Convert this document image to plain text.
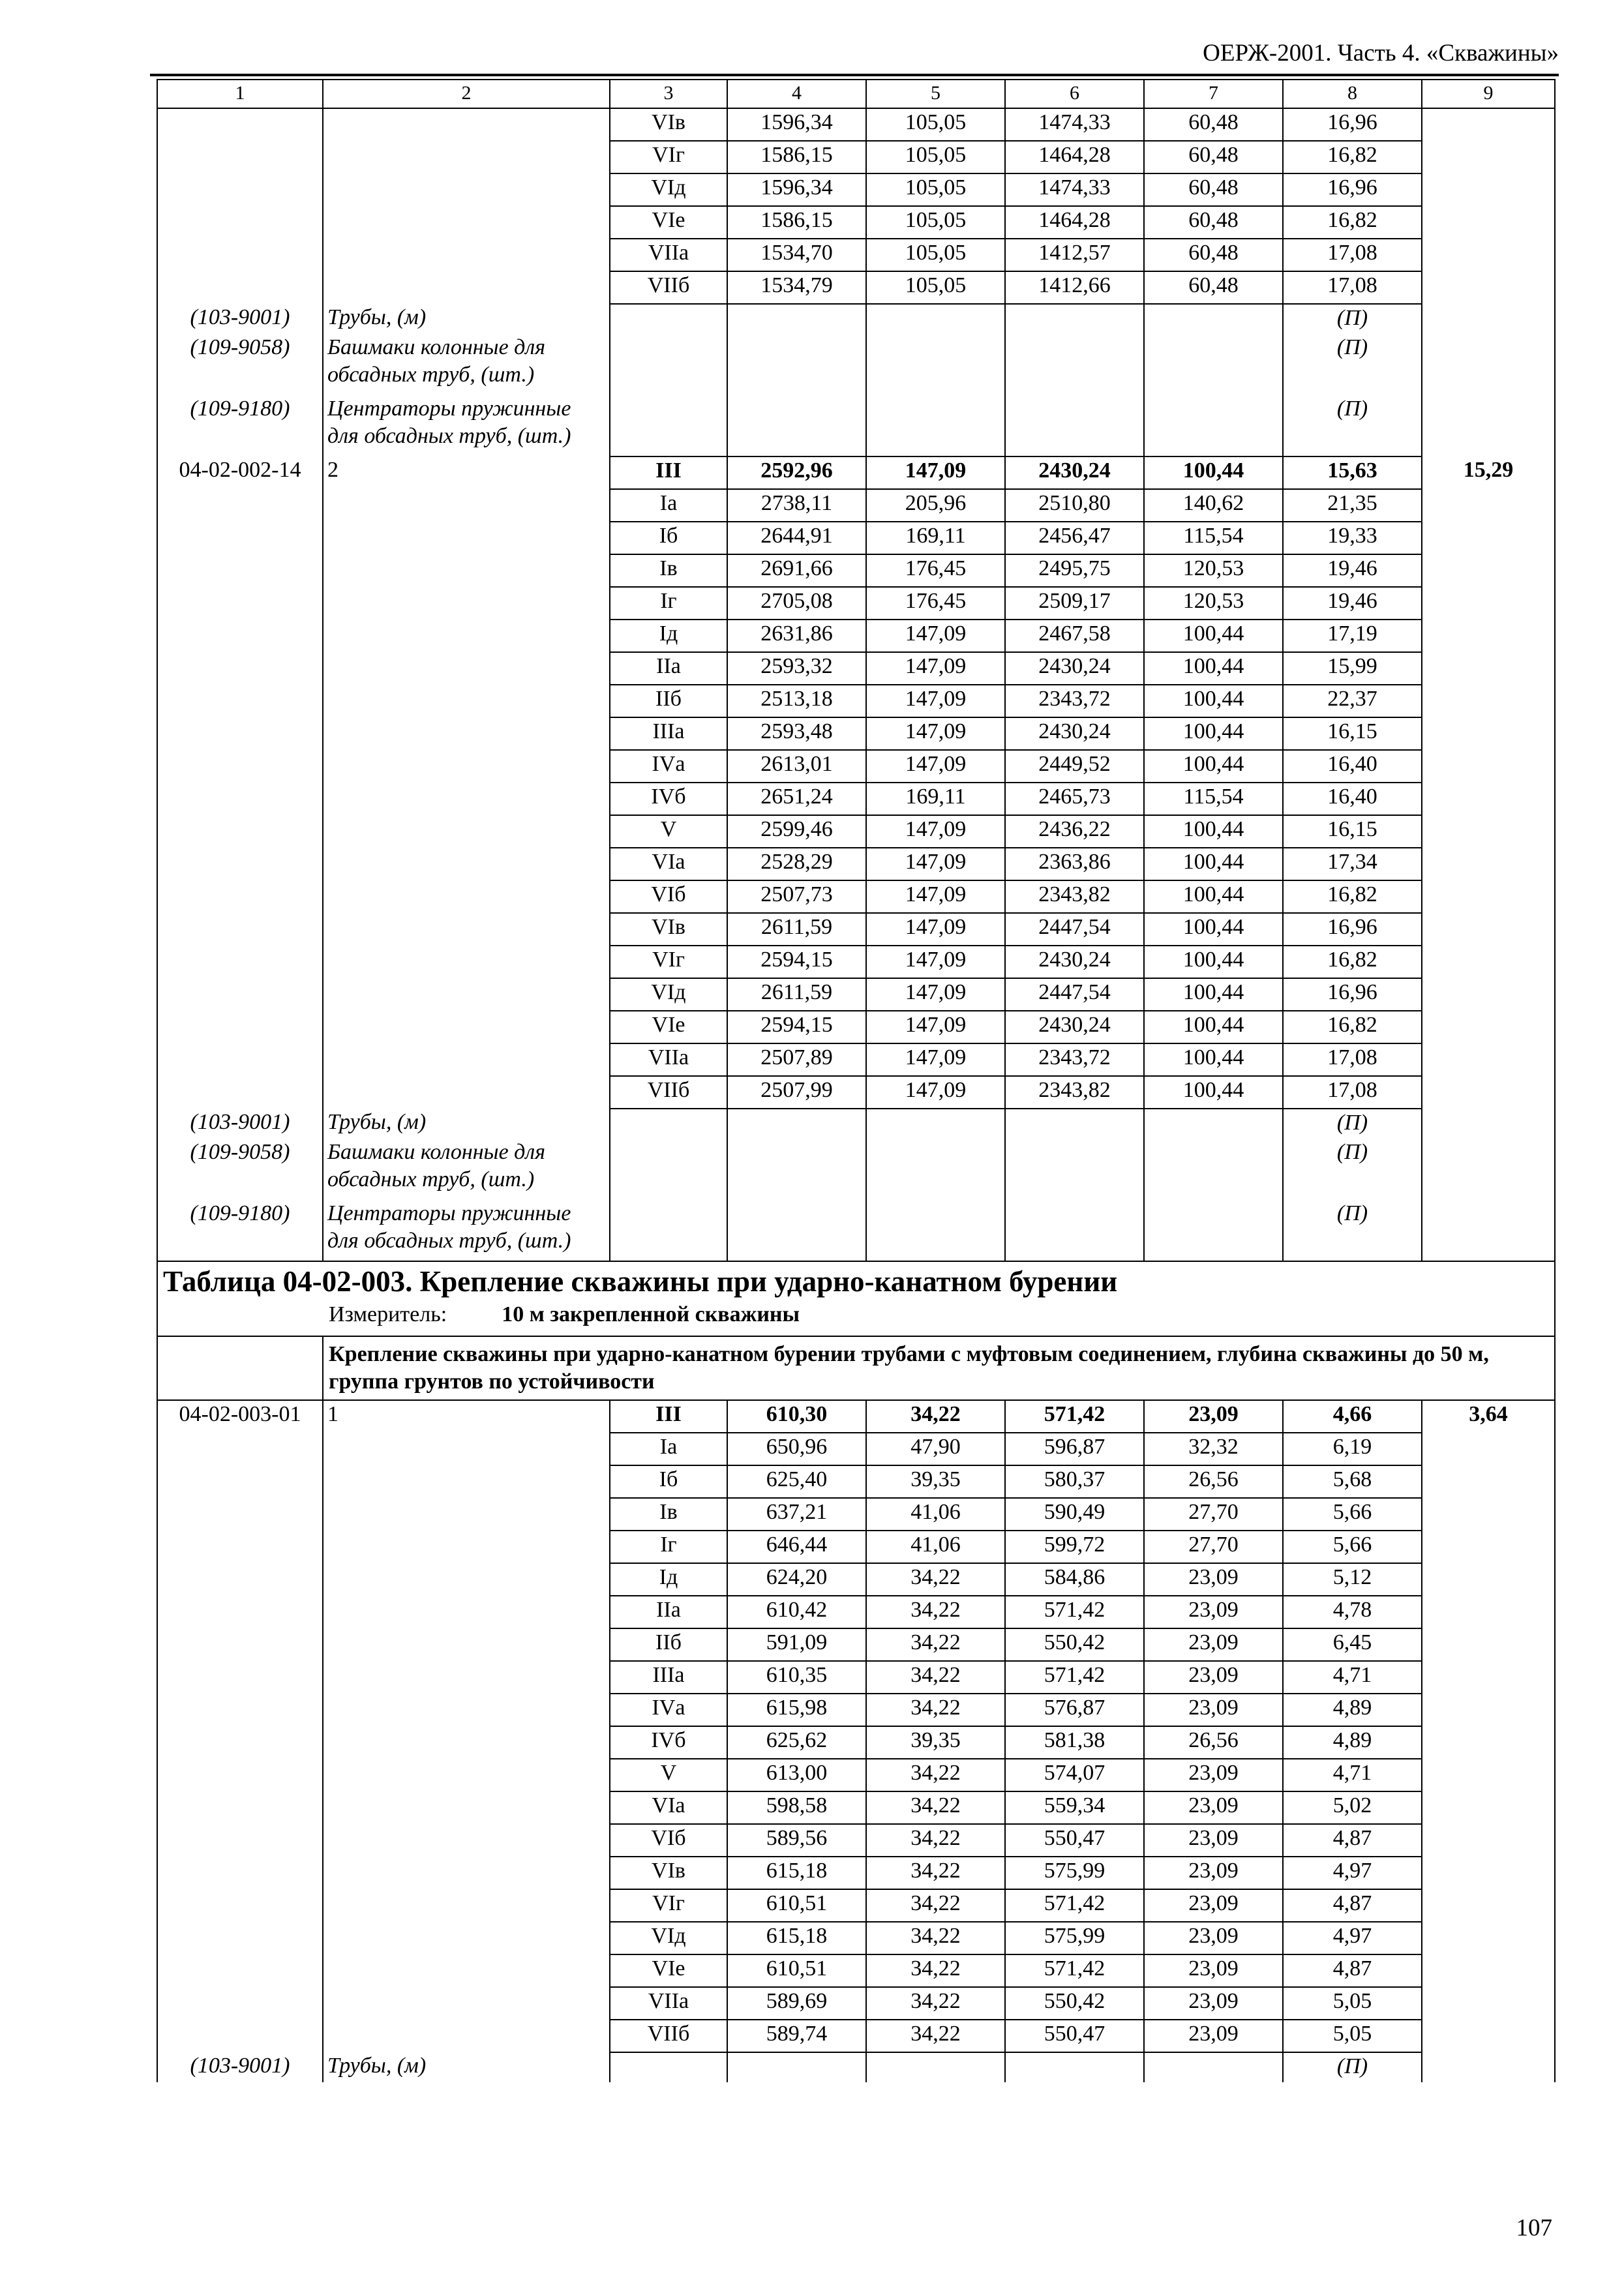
ОЕРЖ-2001. Часть 4. «Скважины»
1	2	3	4	5	6	7	8	9
		VIв	1596,34	105,05	1474,33	60,48	16,96	
		VIг	1586,15	105,05	1464,28	60,48	16,82	
		VIд	1596,34	105,05	1474,33	60,48	16,96	
		VIе	1586,15	105,05	1464,28	60,48	16,82	
		VIIа	1534,70	105,05	1412,57	60,48	17,08	
		VIIб	1534,79	105,05	1412,66	60,48	17,08	
(103-9001)	Трубы, (м)						(П)	
(109-9058)	Башмаки колонные для обсадных труб, (шт.)						(П)	
(109-9180)	Центраторы пружинные для обсадных труб, (шт.)						(П)	
04-02-002-14	2	III	2592,96	147,09	2430,24	100,44	15,63	15,29
		Iа	2738,11	205,96	2510,80	140,62	21,35	
		Iб	2644,91	169,11	2456,47	115,54	19,33	
		Iв	2691,66	176,45	2495,75	120,53	19,46	
		Iг	2705,08	176,45	2509,17	120,53	19,46	
		Iд	2631,86	147,09	2467,58	100,44	17,19	
		IIа	2593,32	147,09	2430,24	100,44	15,99	
		IIб	2513,18	147,09	2343,72	100,44	22,37	
		IIIа	2593,48	147,09	2430,24	100,44	16,15	
		IVа	2613,01	147,09	2449,52	100,44	16,40	
		IVб	2651,24	169,11	2465,73	115,54	16,40	
		V	2599,46	147,09	2436,22	100,44	16,15	
		VIа	2528,29	147,09	2363,86	100,44	17,34	
		VIб	2507,73	147,09	2343,82	100,44	16,82	
		VIв	2611,59	147,09	2447,54	100,44	16,96	
		VIг	2594,15	147,09	2430,24	100,44	16,82	
		VIд	2611,59	147,09	2447,54	100,44	16,96	
		VIе	2594,15	147,09	2430,24	100,44	16,82	
		VIIа	2507,89	147,09	2343,72	100,44	17,08	
		VIIб	2507,99	147,09	2343,82	100,44	17,08	
(103-9001)	Трубы, (м)						(П)	
(109-9058)	Башмаки колонные для обсадных труб, (шт.)						(П)	
(109-9180)	Центраторы пружинные для обсадных труб, (шт.)						(П)	
Таблица 04-02-003. Крепление скважины при ударно-канатном бурении								
Измеритель: 10 м закрепленной скважины								
	Крепление скважины при ударно-канатном бурении трубами с муфтовым соединением, глубина скважины до 50 м, группа грунтов по устойчивости							
04-02-003-01	1	III	610,30	34,22	571,42	23,09	4,66	3,64
		Iа	650,96	47,90	596,87	32,32	6,19	
		Iб	625,40	39,35	580,37	26,56	5,68	
		Iв	637,21	41,06	590,49	27,70	5,66	
		Iг	646,44	41,06	599,72	27,70	5,66	
		Iд	624,20	34,22	584,86	23,09	5,12	
		IIа	610,42	34,22	571,42	23,09	4,78	
		IIб	591,09	34,22	550,42	23,09	6,45	
		IIIа	610,35	34,22	571,42	23,09	4,71	
		IVа	615,98	34,22	576,87	23,09	4,89	
		IVб	625,62	39,35	581,38	26,56	4,89	
		V	613,00	34,22	574,07	23,09	4,71	
		VIа	598,58	34,22	559,34	23,09	5,02	
		VIб	589,56	34,22	550,47	23,09	4,87	
		VIв	615,18	34,22	575,99	23,09	4,97	
		VIг	610,51	34,22	571,42	23,09	4,87	
		VIд	615,18	34,22	575,99	23,09	4,97	
		VIе	610,51	34,22	571,42	23,09	4,87	
		VIIа	589,69	34,22	550,42	23,09	5,05	
		VIIб	589,74	34,22	550,47	23,09	5,05	
(103-9001)	Трубы, (м)						(П)	
107
